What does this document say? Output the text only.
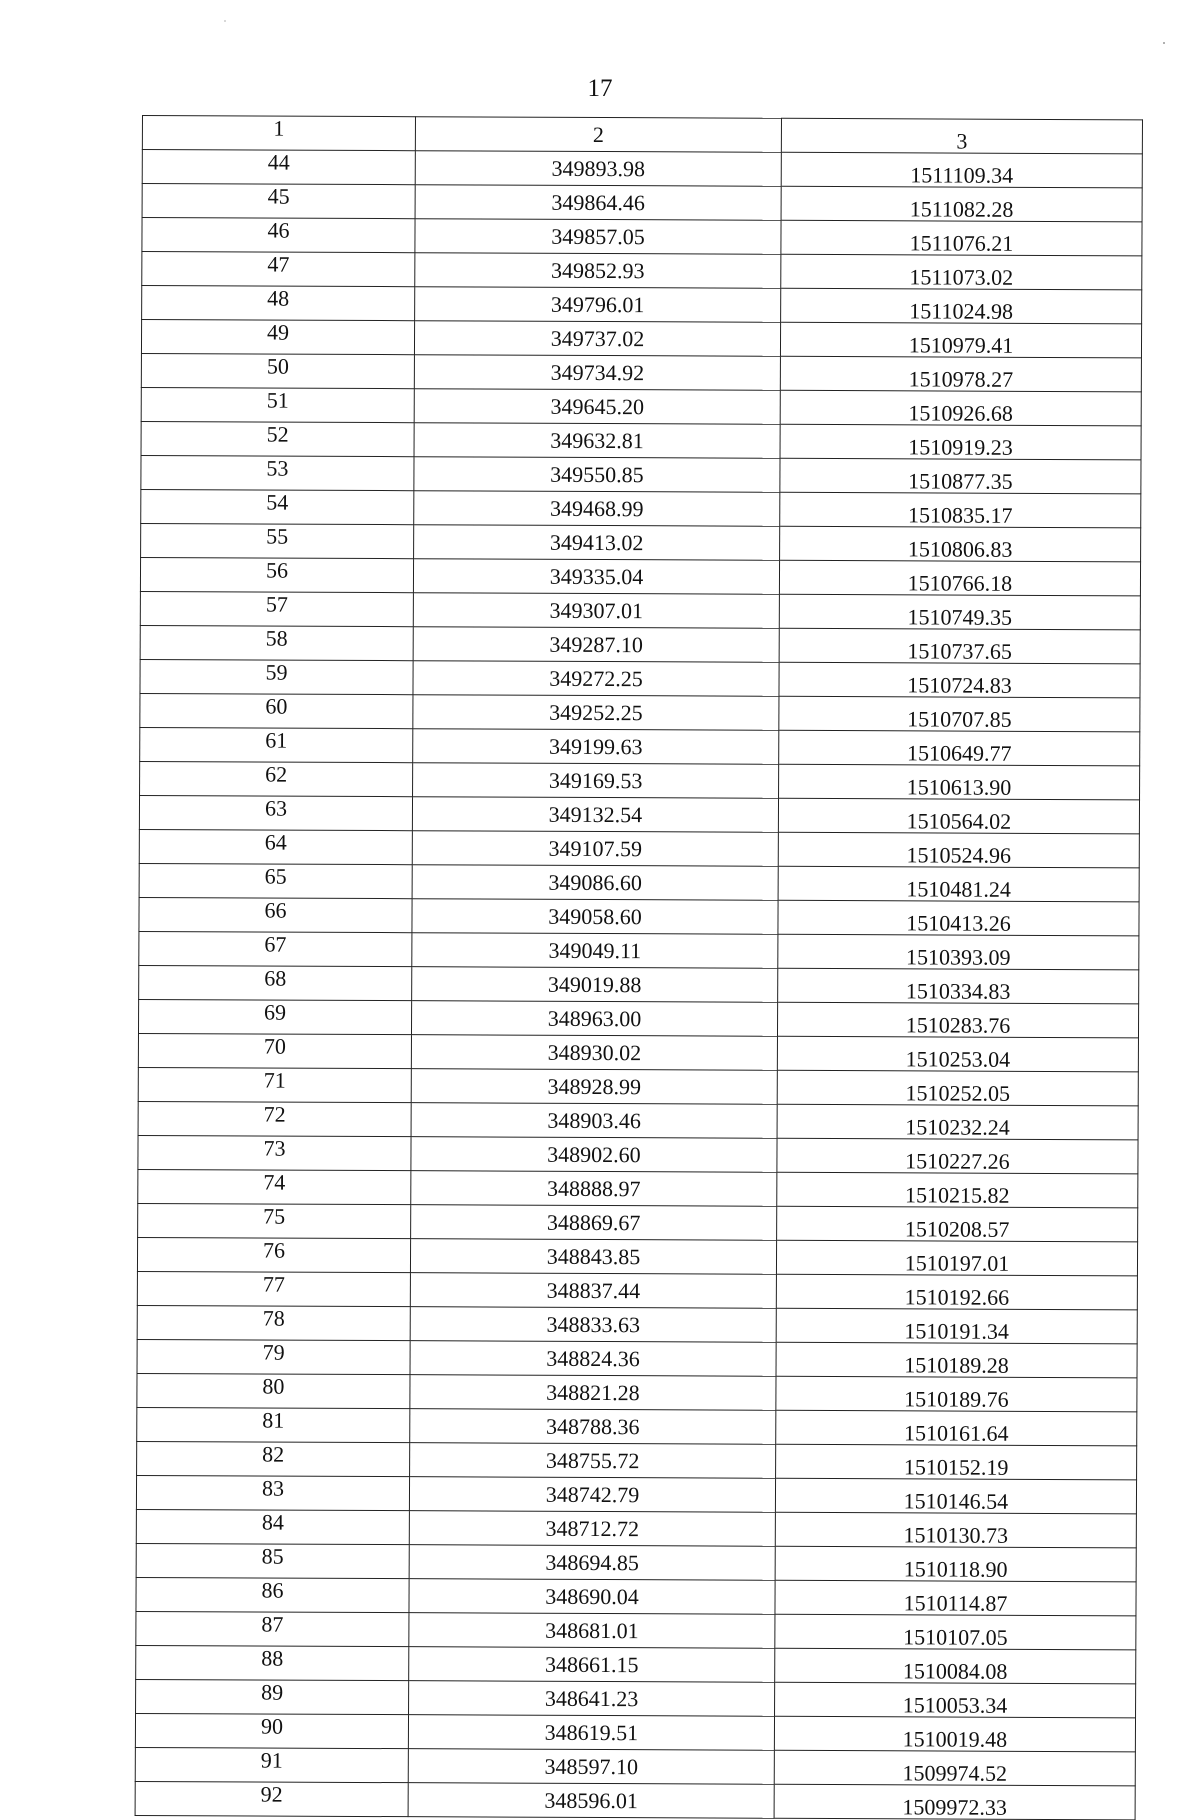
17
1	2	3
44	349893.98	1511109.34
45	349864.46	1511082.28
46	349857.05	1511076.21
47	349852.93	1511073.02
48	349796.01	1511024.98
49	349737.02	1510979.41
50	349734.92	1510978.27
51	349645.20	1510926.68
52	349632.81	1510919.23
53	349550.85	1510877.35
54	349468.99	1510835.17
55	349413.02	1510806.83
56	349335.04	1510766.18
57	349307.01	1510749.35
58	349287.10	1510737.65
59	349272.25	1510724.83
60	349252.25	1510707.85
61	349199.63	1510649.77
62	349169.53	1510613.90
63	349132.54	1510564.02
64	349107.59	1510524.96
65	349086.60	1510481.24
66	349058.60	1510413.26
67	349049.11	1510393.09
68	349019.88	1510334.83
69	348963.00	1510283.76
70	348930.02	1510253.04
71	348928.99	1510252.05
72	348903.46	1510232.24
73	348902.60	1510227.26
74	348888.97	1510215.82
75	348869.67	1510208.57
76	348843.85	1510197.01
77	348837.44	1510192.66
78	348833.63	1510191.34
79	348824.36	1510189.28
80	348821.28	1510189.76
81	348788.36	1510161.64
82	348755.72	1510152.19
83	348742.79	1510146.54
84	348712.72	1510130.73
85	348694.85	1510118.90
86	348690.04	1510114.87
87	348681.01	1510107.05
88	348661.15	1510084.08
89	348641.23	1510053.34
90	348619.51	1510019.48
91	348597.10	1509974.52
92	348596.01	1509972.33
